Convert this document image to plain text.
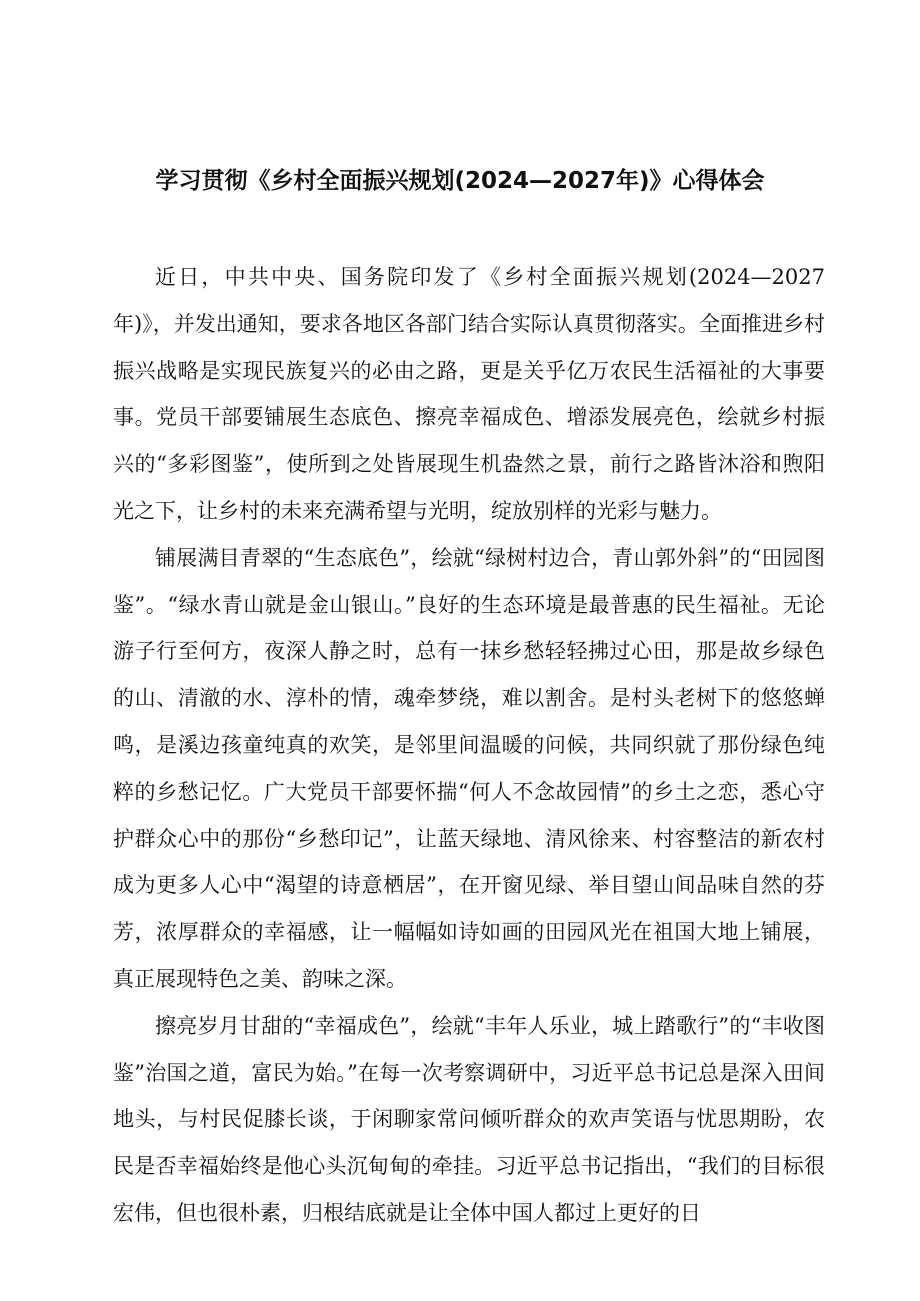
学习贯彻《乡村全面振兴规划(2024—2027年)》心得体会

近日，中共中央、国务院印发了《乡村全面振兴规划(2024—2027年)》，并发出通知，要求各地区各部门结合实际认真贯彻落实。全面推进乡村振兴战略是实现民族复兴的必由之路，更是关乎亿万农民生活福祉的大事要事。党员干部要铺展生态底色、擦亮幸福成色、增添发展亮色，绘就乡村振兴的“多彩图鉴”，使所到之处皆展现生机盎然之景，前行之路皆沐浴和煦阳光之下，让乡村的未来充满希望与光明，绽放别样的光彩与魅力。

铺展满目青翠的“生态底色”，绘就“绿树村边合，青山郭外斜”的“田园图鉴”。“绿水青山就是金山银山。”良好的生态环境是最普惠的民生福祉。无论游子行至何方，夜深人静之时，总有一抹乡愁轻轻拂过心田，那是故乡绿色的山、清澈的水、淳朴的情，魂牵梦绕，难以割舍。是村头老树下的悠悠蝉鸣，是溪边孩童纯真的欢笑，是邻里间温暖的问候，共同织就了那份绿色纯粹的乡愁记忆。广大党员干部要怀揣“何人不念故园情”的乡土之恋，悉心守护群众心中的那份“乡愁印记”，让蓝天绿地、清风徐来、村容整洁的新农村成为更多人心中“渴望的诗意栖居”，在开窗见绿、举目望山间品味自然的芬芳，浓厚群众的幸福感，让一幅幅如诗如画的田园风光在祖国大地上铺展，真正展现特色之美、韵味之深。

擦亮岁月甘甜的“幸福成色”，绘就“丰年人乐业，城上踏歌行”的“丰收图鉴”治国之道，富民为始。”在每一次考察调研中，习近平总书记总是深入田间地头，与村民促膝长谈，于闲聊家常问倾听群众的欢声笑语与忧思期盼，农民是否幸福始终是他心头沉甸甸的牵挂。习近平总书记指出，“我们的目标很宏伟，但也很朴素，归根结底就是让全体中国人都过上更好的日
